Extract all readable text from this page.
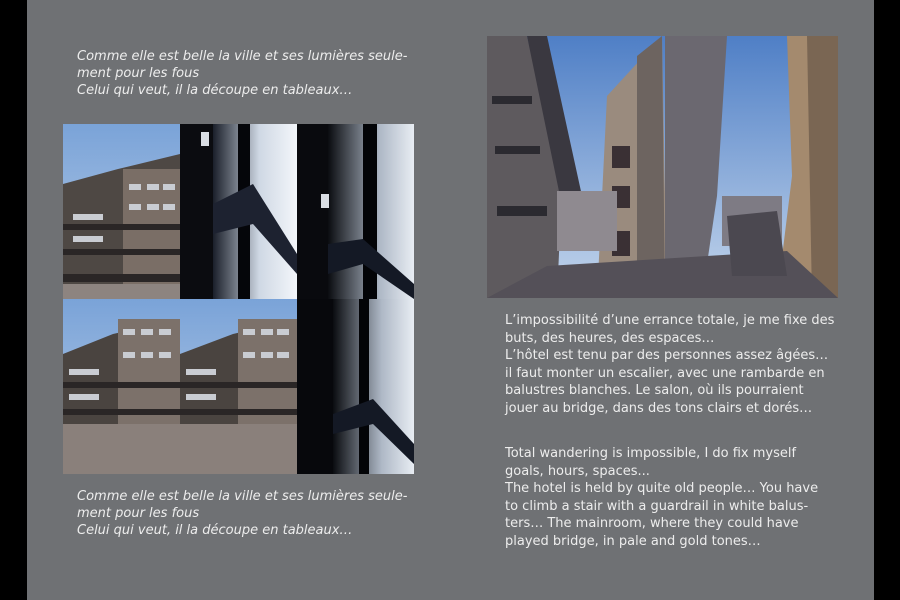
Comme elle est belle la ville et ses lumières seule-
ment pour les fous
Celui qui veut, il la découpe en tableaux…
Comme elle est belle la ville et ses lumières seule-
ment pour les fous
Celui qui veut, il la découpe en tableaux…
L’impossibilité d’une errance totale, je me fixe des
buts, des heures, des espaces…
L’hôtel est tenu par des personnes assez âgées…
il faut monter un escalier, avec une rambarde en
balustres blanches. Le salon, où ils pourraient
jouer au bridge, dans des tons clairs et dorés…
Total wandering is impossible, I do fix myself
goals, hours, spaces...
The hotel is held by quite old people… You have
to climb a stair with a guardrail in white balus-
ters… The mainroom, where they could have
played bridge, in pale and gold tones…
